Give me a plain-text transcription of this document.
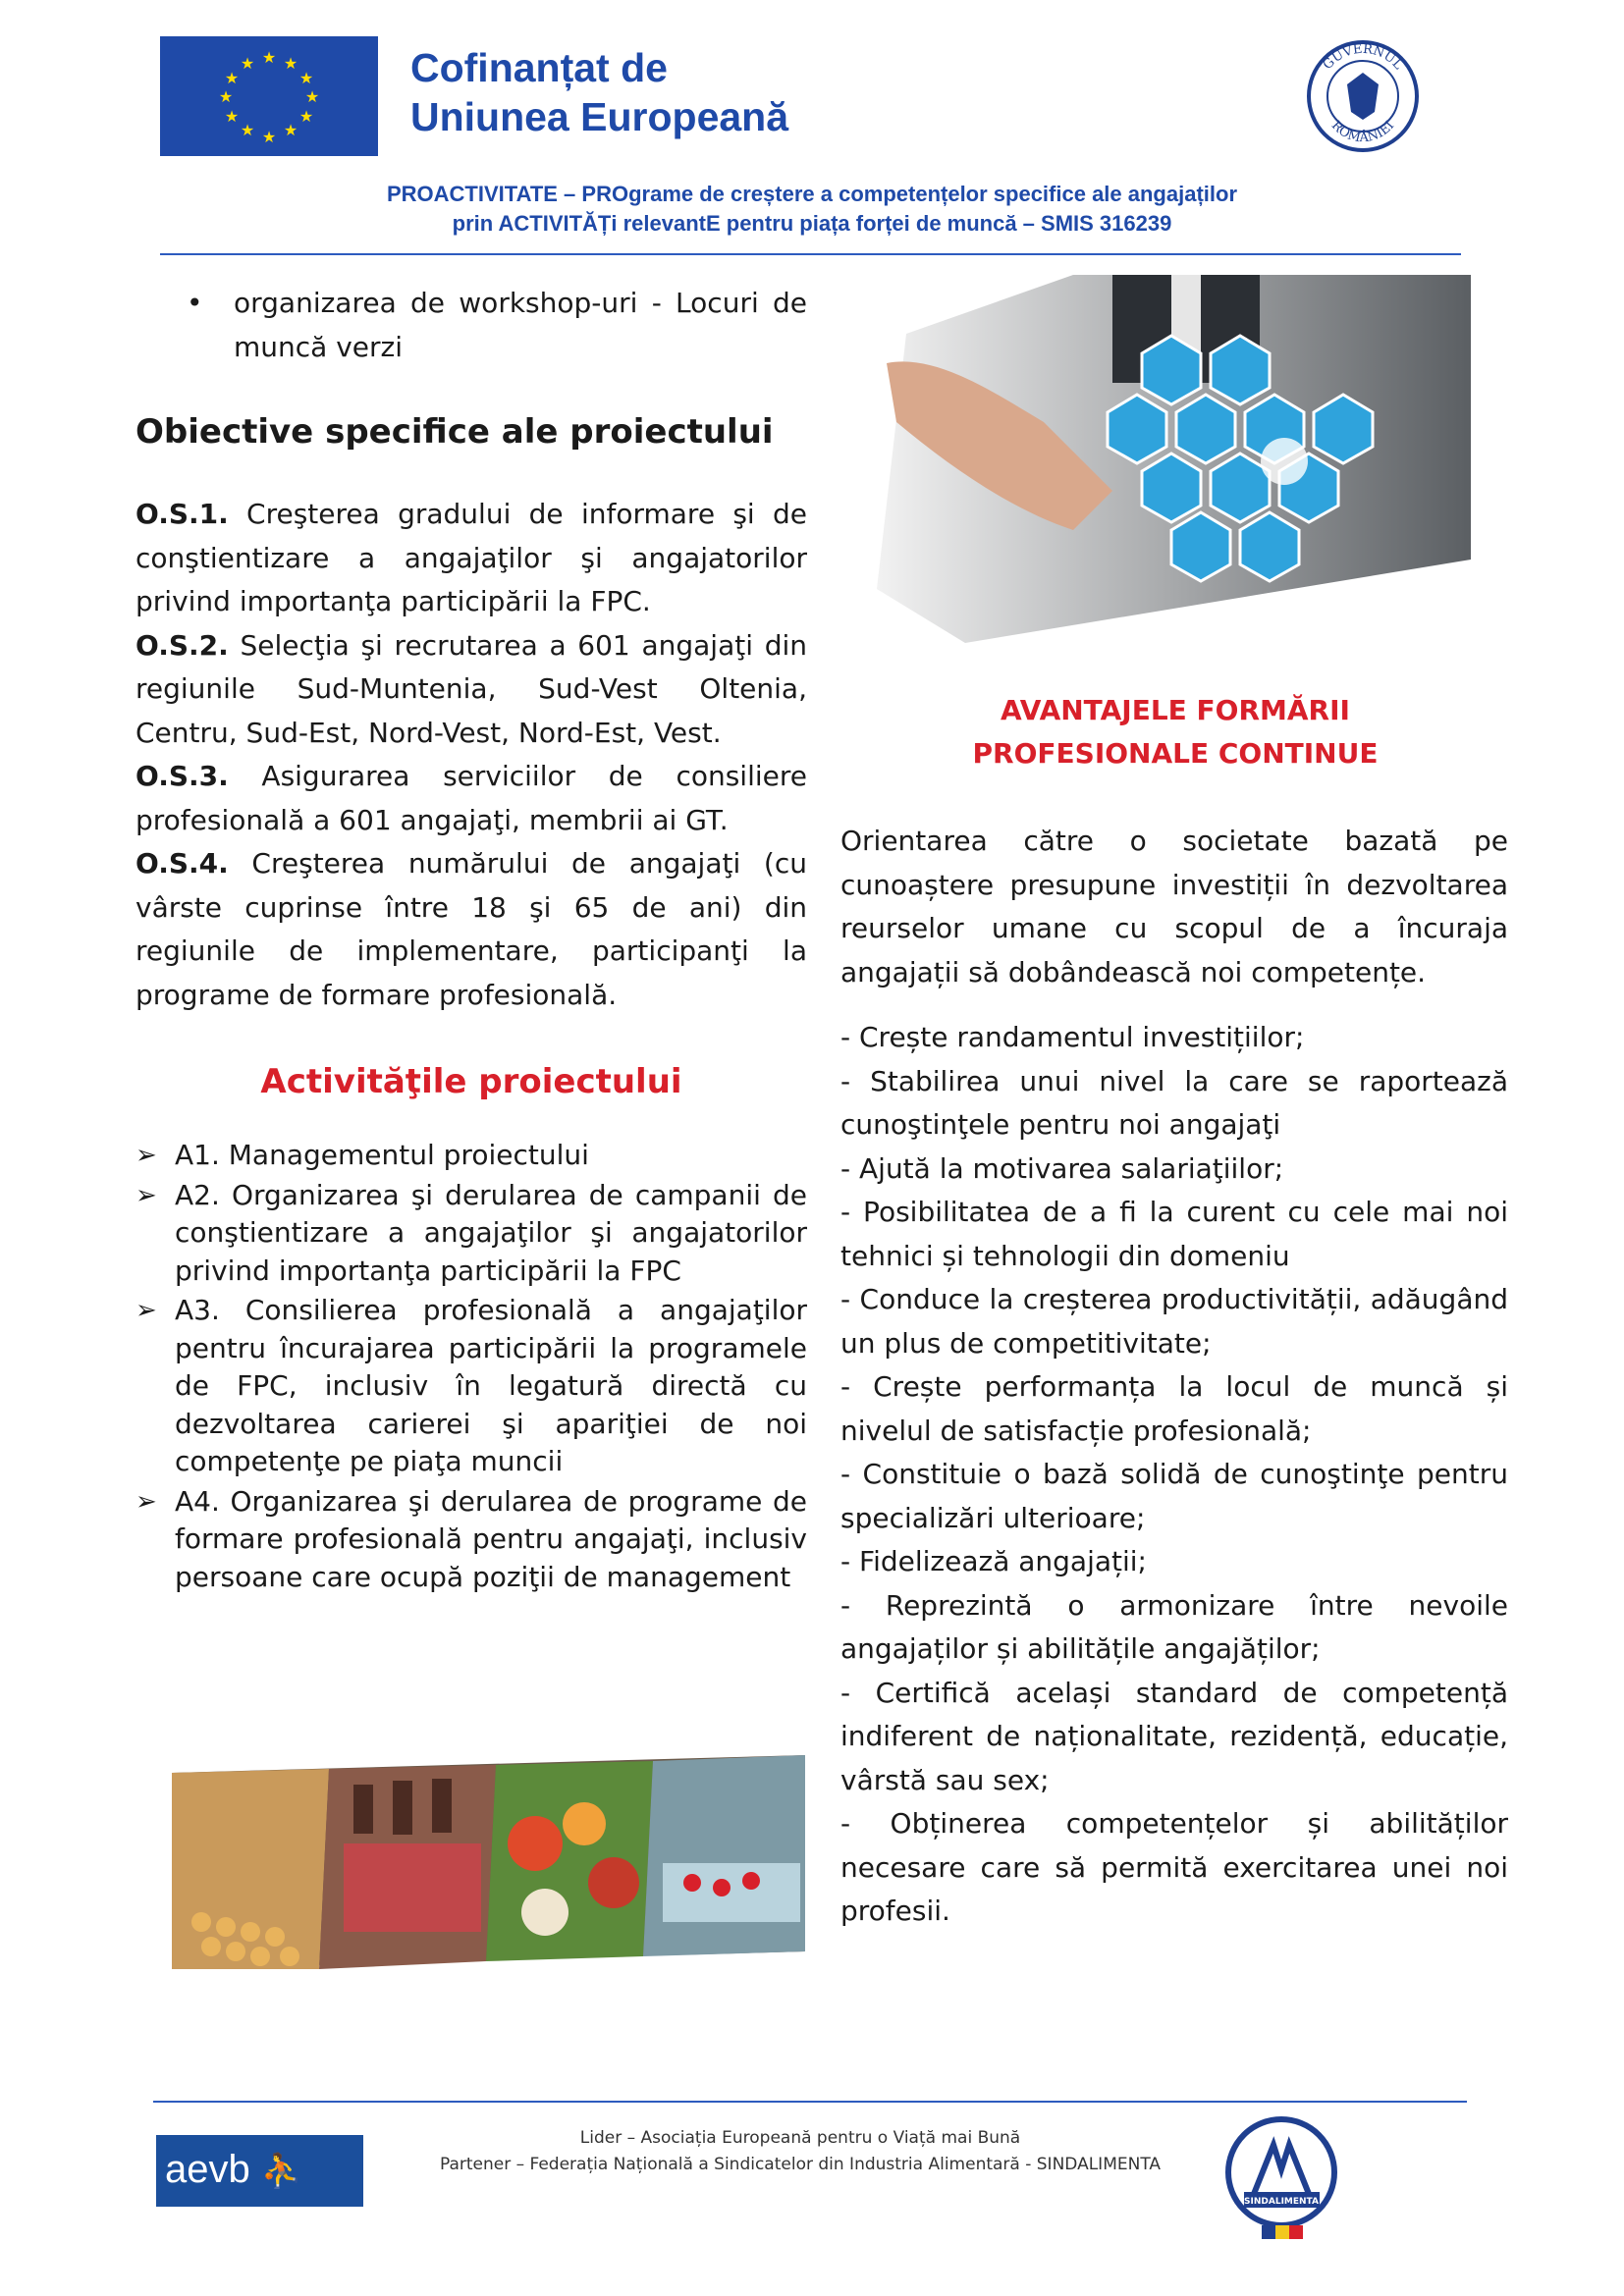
★ ★
★
★
★
★
★
★
★
★
★
★	Cofinanțat de
Uniunea Europeană
GUVERNUL
ROMÂNIEI
PROACTIVITATE – PROgrame de creștere a competențelor specifice ale angajaților
prin ACTIVITĂȚi relevantE pentru piața forței de muncă – SMIS 316239
• organizarea de workshop-uri - Locuri de muncă verzi
Obiective specifice ale proiectului

O.S.1. Creşterea gradului de informare şi de conştientizare a angajaţilor şi angajatorilor privind importanţa participării la FPC.

O.S.2. Selecţia şi recrutarea a 601 angajaţi din regiunile Sud-Muntenia, Sud-Vest Oltenia, Centru, Sud-Est, Nord-Vest, Nord-Est, Vest.

O.S.3. Asigurarea serviciilor de consiliere profesională a 601 angajaţi, membrii ai GT.

O.S.4. Creşterea numărului de angajaţi (cu vârste cuprinse între 18 şi 65 de ani) din regiunile de implementare, participanţi la programe de formare profesională.

Activităţile proiectului
➢ A1. Managementul proiectului
➢ A2. Organizarea şi derularea de campanii de conştientizare a angajaţilor şi angajatorilor privind importanţa participării la FPC
➢ A3. Consilierea profesională a angajaţilor pentru încurajarea participării la programele de FPC, inclusiv în legatură directă cu dezvoltarea carierei şi apariţiei de noi competenţe pe piaţa muncii
➢ A4. Organizarea şi derularea de programe de formare profesională pentru angajaţi, inclusiv persoane care ocupă poziţii de management
AVANTAJELE FORMĂRII
PROFESIONALE CONTINUE

Orientarea către o societate bazată pe cunoaștere presupune investiții în dezvoltarea reurselor umane cu scopul de a încuraja angajații să dobândească noi competențe.

- Crește randamentul investițiilor;
- Stabilirea unui nivel la care se raportează cunoştinţele pentru noi angajaţi
- Ajută la motivarea salariaţiilor;
- Posibilitatea de a fi la curent cu cele mai noi tehnici și tehnologii din domeniu
- Conduce la creșterea productivității, adăugând un plus de competitivitate;
- Crește performanța la locul de muncă și nivelul de satisfacție profesională;
- Constituie o bază solidă de cunoştinţe pentru specializări ulterioare;
- Fidelizează angajații;
- Reprezintă o armonizare între nevoile angajaților și abilitățile angajăților;
- Certifică același standard de competență indiferent de naționalitate, rezidență, educație, vârstă sau sex;
- Obținerea competențelor și abilităților necesare care să permită exercitarea unei noi profesii.
aevb ⛹
Lider – Asociația Europeană pentru o Viață mai Bună
Partener – Federația Națională a Sindicatelor din Industria Alimentară - SINDALIMENTA
SINDALIMENTA
